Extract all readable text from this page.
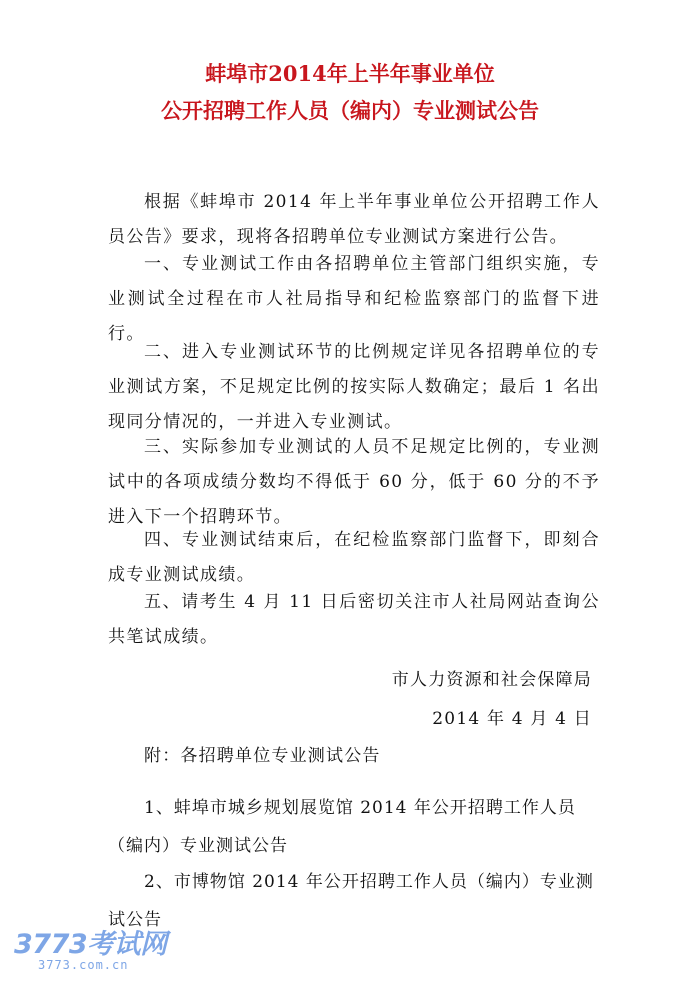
蚌埠市2014年上半年事业单位
公开招聘工作人员（编内）专业测试公告

根据《蚌埠市 2014 年上半年事业单位公开招聘工作人员公告》要求，现将各招聘单位专业测试方案进行公告。

一、专业测试工作由各招聘单位主管部门组织实施，专业测试全过程在市人社局指导和纪检监察部门的监督下进行。

二、进入专业测试环节的比例规定详见各招聘单位的专业测试方案，不足规定比例的按实际人数确定；最后 1 名出现同分情况的，一并进入专业测试。

三、实际参加专业测试的人员不足规定比例的，专业测试中的各项成绩分数均不得低于 60 分，低于 60 分的不予进入下一个招聘环节。

四、专业测试结束后，在纪检监察部门监督下，即刻合成专业测试成绩。

五、请考生 4 月 11 日后密切关注市人社局网站查询公共笔试成绩。

市人力资源和社会保障局
2014 年 4 月 4 日
附：各招聘单位专业测试公告

1、蚌埠市城乡规划展览馆 2014 年公开招聘工作人员（编内）专业测试公告

2、市博物馆 2014 年公开招聘工作人员（编内）专业测试公告

3773考试网
3773.com.cn
